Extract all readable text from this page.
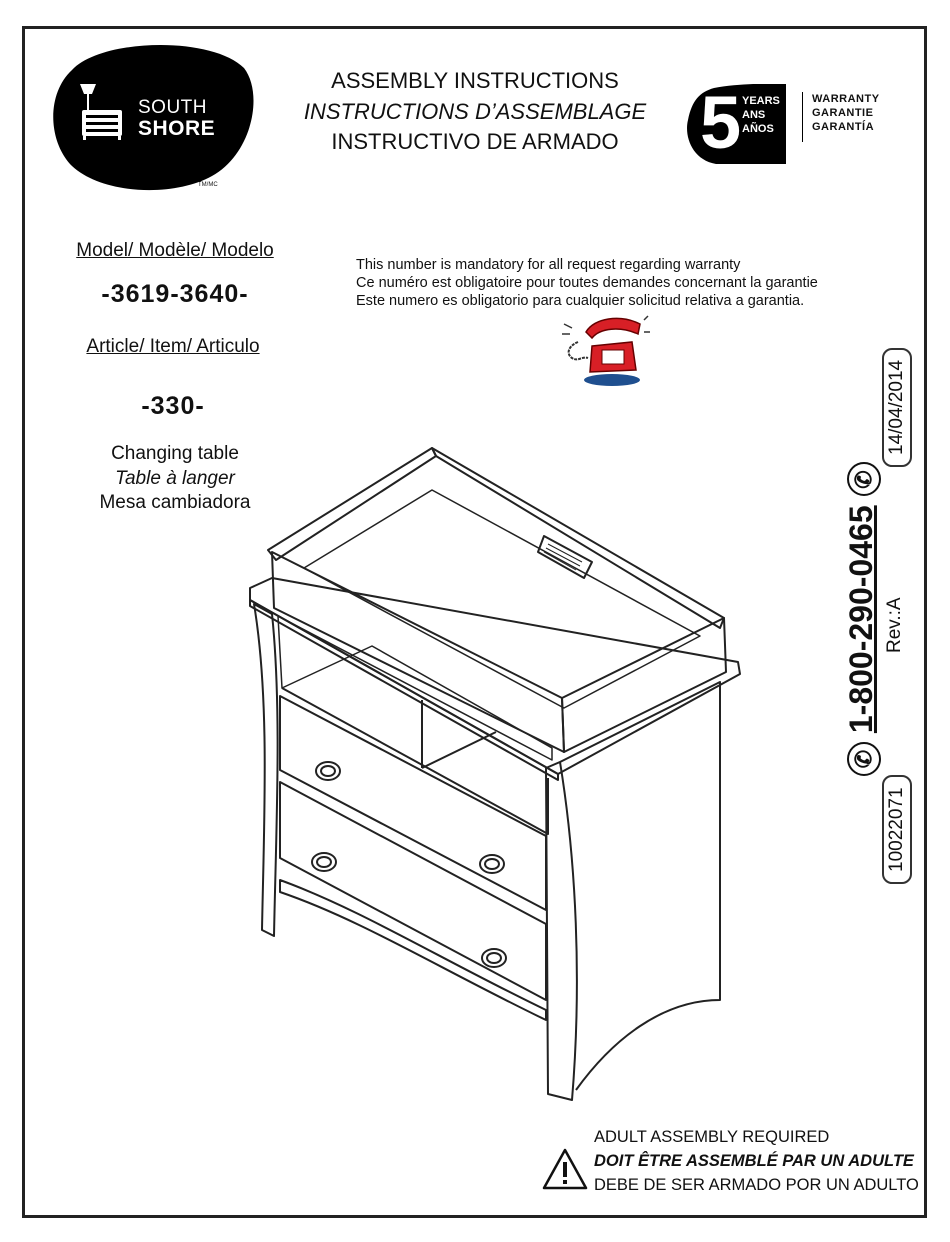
SOUTH
SHORE
TM/MC
ASSEMBLY INSTRUCTIONS
INSTRUCTIONS D’ASSEMBLAGE
INSTRUCTIVO DE ARMADO	5 YEARS
ANS
AÑOS
WARRANTY
GARANTIE
GARANTÍA
Model/ Modèle/ Modelo
-3619-3640-
Article/ Item/ Articulo
-330-
Changing table
Table à langer
Mesa cambiadora
This number is mandatory for all request regarding warranty
Ce numéro est obligatoire pour toutes demandes concernant la garantie
Este numero es obligatorio para cualquier solicitud relativa a garantia.
✆ 1-800-290-0465 ✆
Rev.:A
14/04/2014
10022071
ADULT ASSEMBLY REQUIRED
DOIT ÊTRE ASSEMBLÉ PAR UN ADULTE
DEBE DE SER ARMADO POR UN ADULTO
